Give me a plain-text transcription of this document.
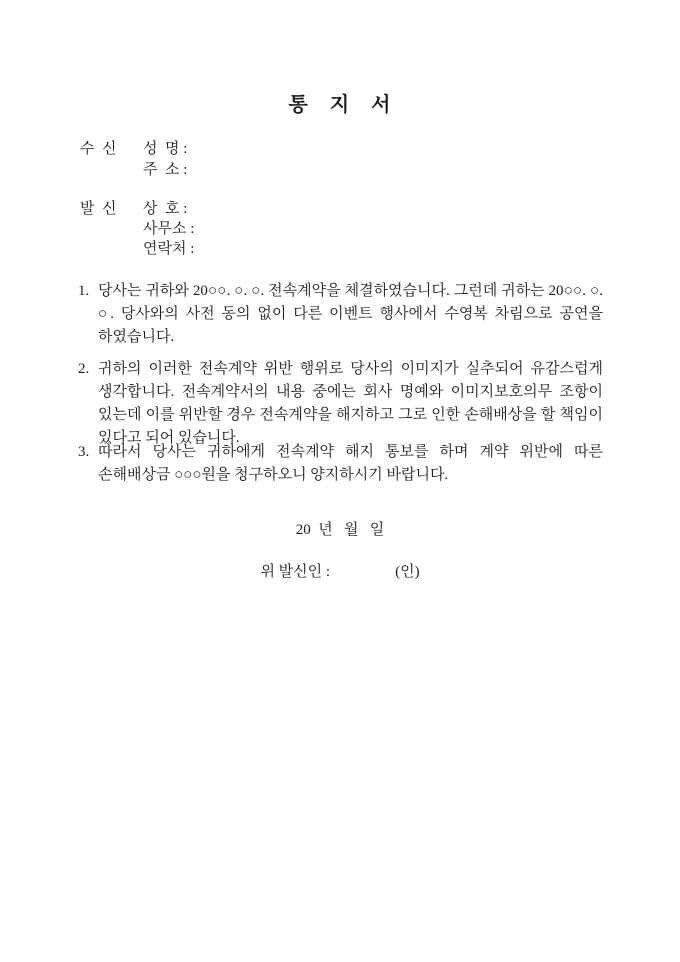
통　지　서
수  신 성  명 :
주  소 :
발  신 상  호 :
사무소 :
연락처 :
1. 당사는 귀하와 20○○. ○. ○. 전속계약을 체결하였습니다. 그런데 귀하는 20○○. ○. ○. 당사와의 사전 동의 없이 다른 이벤트 행사에서 수영복 차림으로 공연을 하였습니다.
2. 귀하의 이러한 전속계약 위반 행위로 당사의 이미지가 실추되어 유감스럽게 생각합니다. 전속계약서의 내용 중에는 회사 명예와 이미지보호의무 조항이 있는데 이를 위반할 경우 전속계약을 해지하고 그로 인한 손해배상을 할 책임이 있다고 되어 있습니다.
3. 따라서 당사는 귀하에게 전속계약 해지 통보를 하며 계약 위반에 따른 손해배상금 ○○○원을 청구하오니 양지하시기 바랍니다.
20  년   월   일
위 발신인 :	(인)
